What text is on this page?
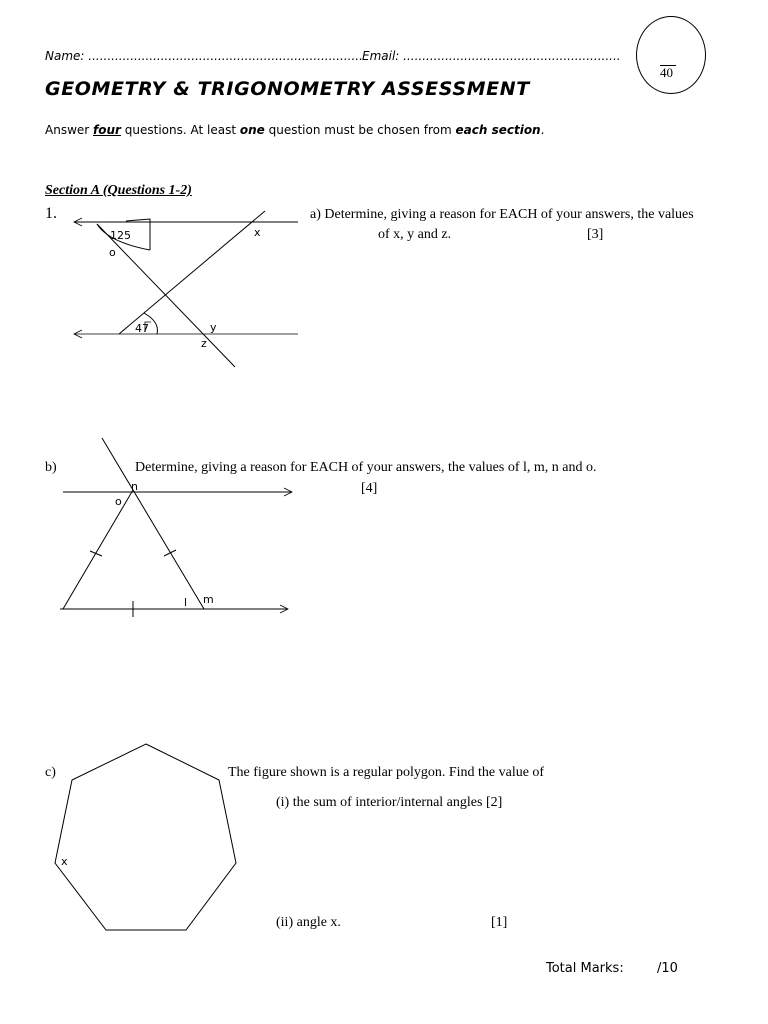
Name: ........................................................................ Email: .........................................................
40
GEOMETRY & TRIGONOMETRY ASSESSMENT
Answer four questions. At least one question must be chosen from each section.
Section A (Questions 1-2)
1.
125
o
x
47	y
z
a) Determine, giving a reason for EACH of your answers, the values
of x, y and z.	[3]
b)	Determine, giving a reason for EACH of your answers, the values of l, m, n and o.
[4]
n
o
l m
c)	The figure shown is a regular polygon. Find the value of
(i) the sum of interior/internal angles [2]
(ii) angle x.	[1]
x
Total Marks:	/10
